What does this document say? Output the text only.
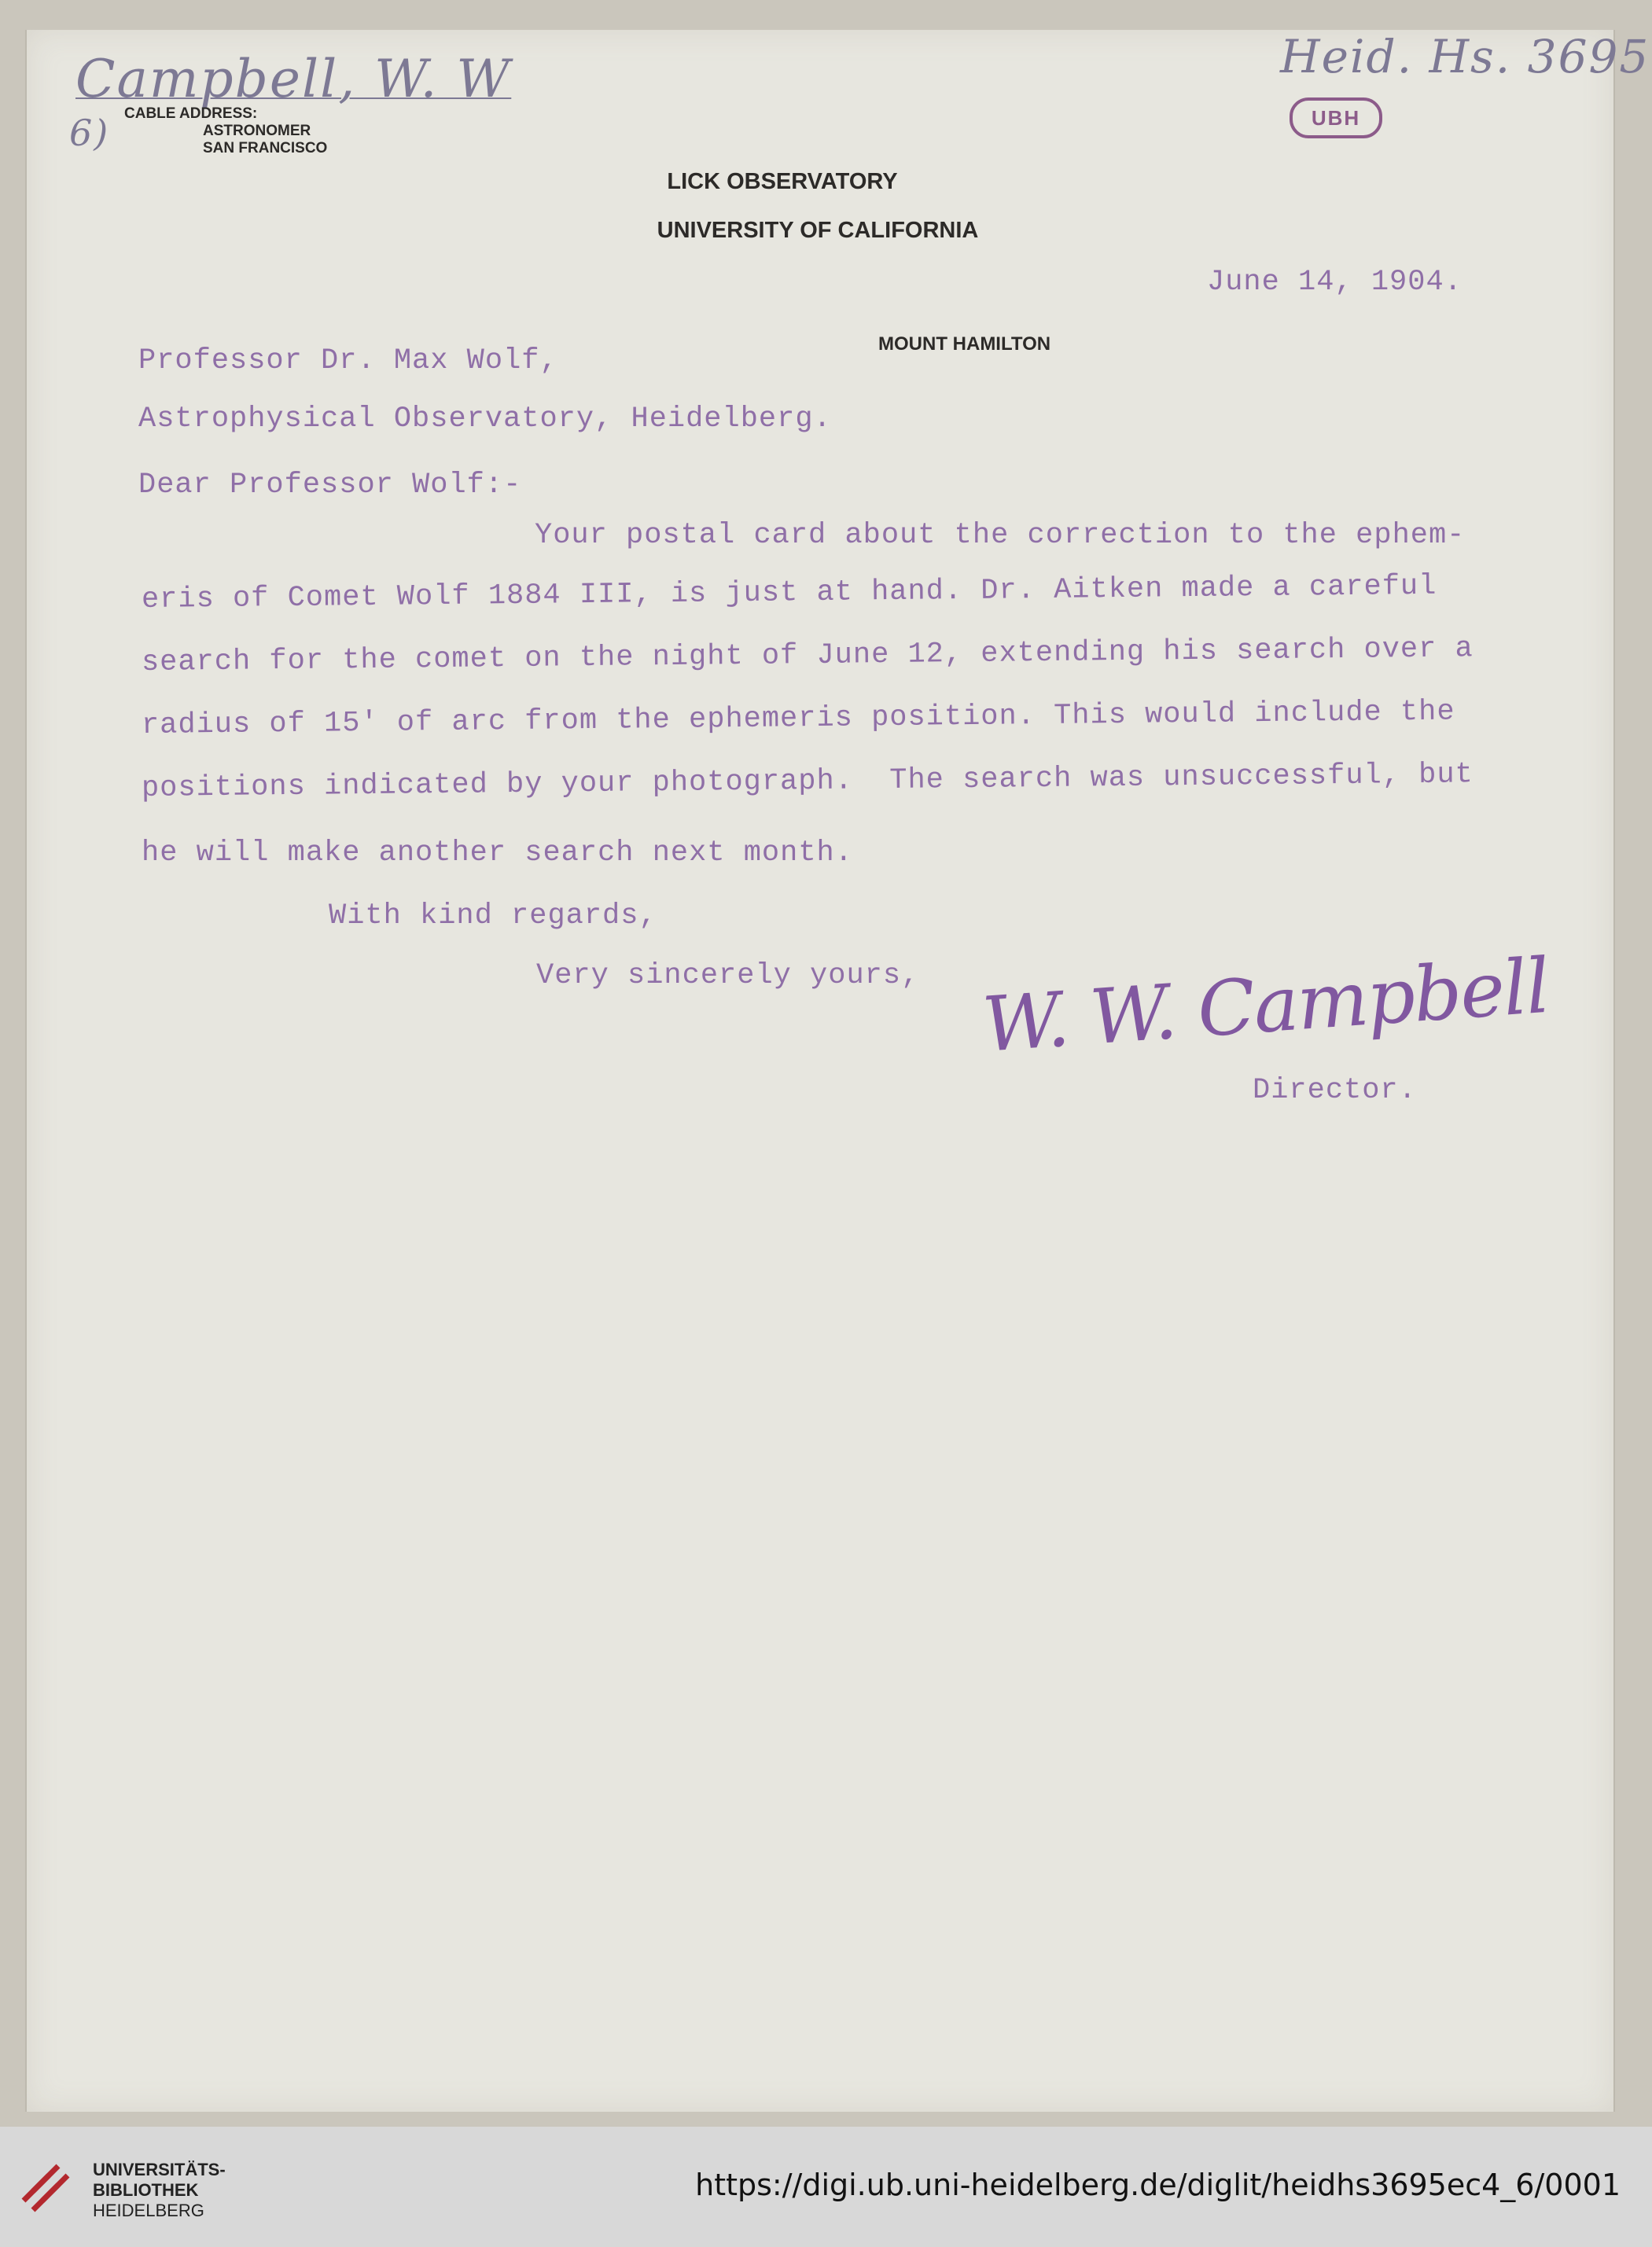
Campbell, W. W
6)
Heid. Hs. 3695
UBH
CABLE ADDRESS:
ASTRONOMER
SAN FRANCISCO
LICK OBSERVATORY
UNIVERSITY OF CALIFORNIA
MOUNT HAMILTON
June 14, 1904.
Professor Dr. Max Wolf,
Astrophysical Observatory, Heidelberg.
Dear Professor Wolf:-
Your postal card about the correction to the ephem-
eris of Comet Wolf 1884 III, is just at hand. Dr. Aitken made a careful
search for the comet on the night of June 12, extending his search over a
radius of 15' of arc from the ephemeris position. This would include the
positions indicated by your photograph.  The search was unsuccessful, but
he will make another search next month.
With kind regards,
Very sincerely yours, W. W. Campbell
Director.
UNIVERSITÄTS-
BIBLIOTHEK
HEIDELBERG
https://digi.ub.uni-heidelberg.de/diglit/heidhs3695ec4_6/0001
